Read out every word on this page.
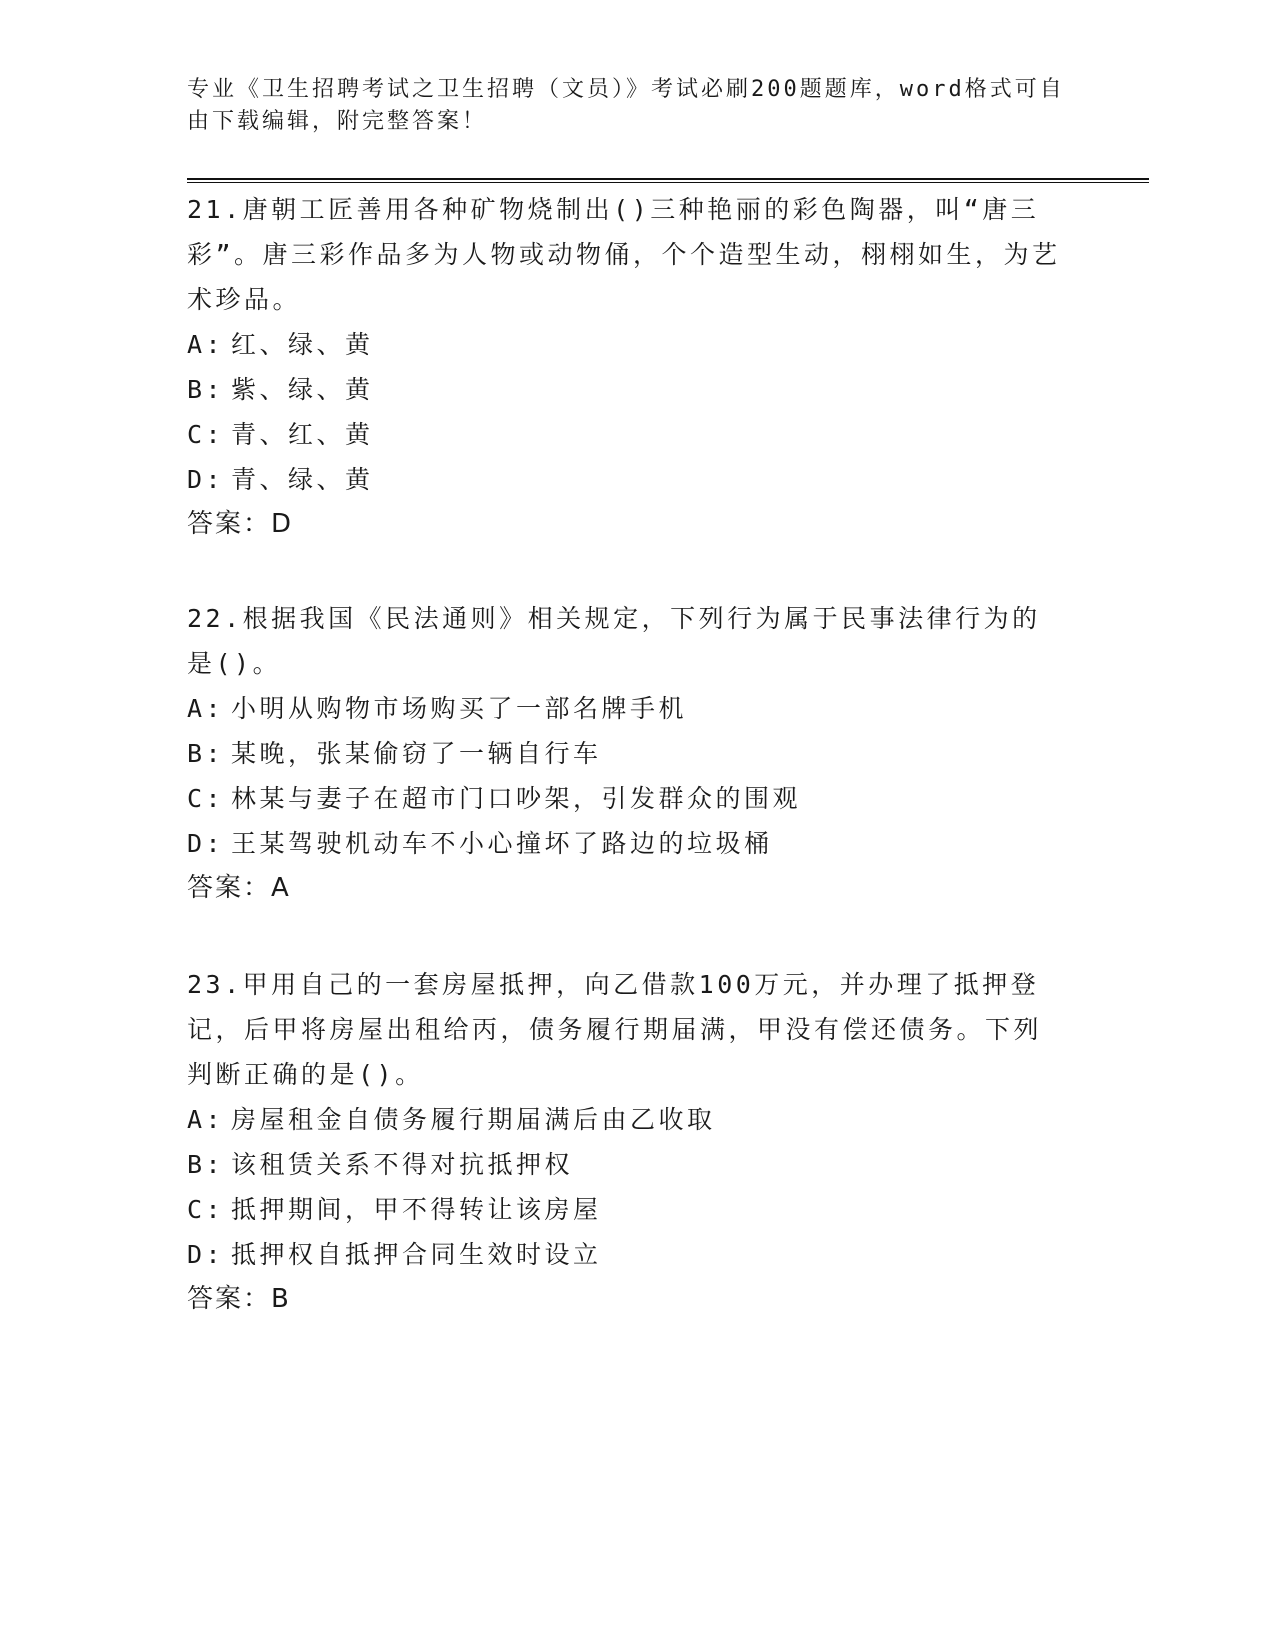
专业《卫生招聘考试之卫生招聘（文员）》考试必刷200题题库，word格式可自由下载编辑，附完整答案！
21.唐朝工匠善用各种矿物烧制出()三种艳丽的彩色陶器，叫“唐三彩”。唐三彩作品多为人物或动物俑，个个造型生动，栩栩如生，为艺术珍品。
A: 红、绿、黄
B: 紫、绿、黄
C: 青、红、黄
D: 青、绿、黄
答案：D
22.根据我国《民法通则》相关规定，下列行为属于民事法律行为的是()。
A: 小明从购物市场购买了一部名牌手机
B: 某晚，张某偷窃了一辆自行车
C: 林某与妻子在超市门口吵架，引发群众的围观
D: 王某驾驶机动车不小心撞坏了路边的垃圾桶
答案：A
23.甲用自己的一套房屋抵押，向乙借款100万元，并办理了抵押登记，后甲将房屋出租给丙，债务履行期届满，甲没有偿还债务。下列判断正确的是()。
A: 房屋租金自债务履行期届满后由乙收取
B: 该租赁关系不得对抗抵押权
C: 抵押期间，甲不得转让该房屋
D: 抵押权自抵押合同生效时设立
答案：B
